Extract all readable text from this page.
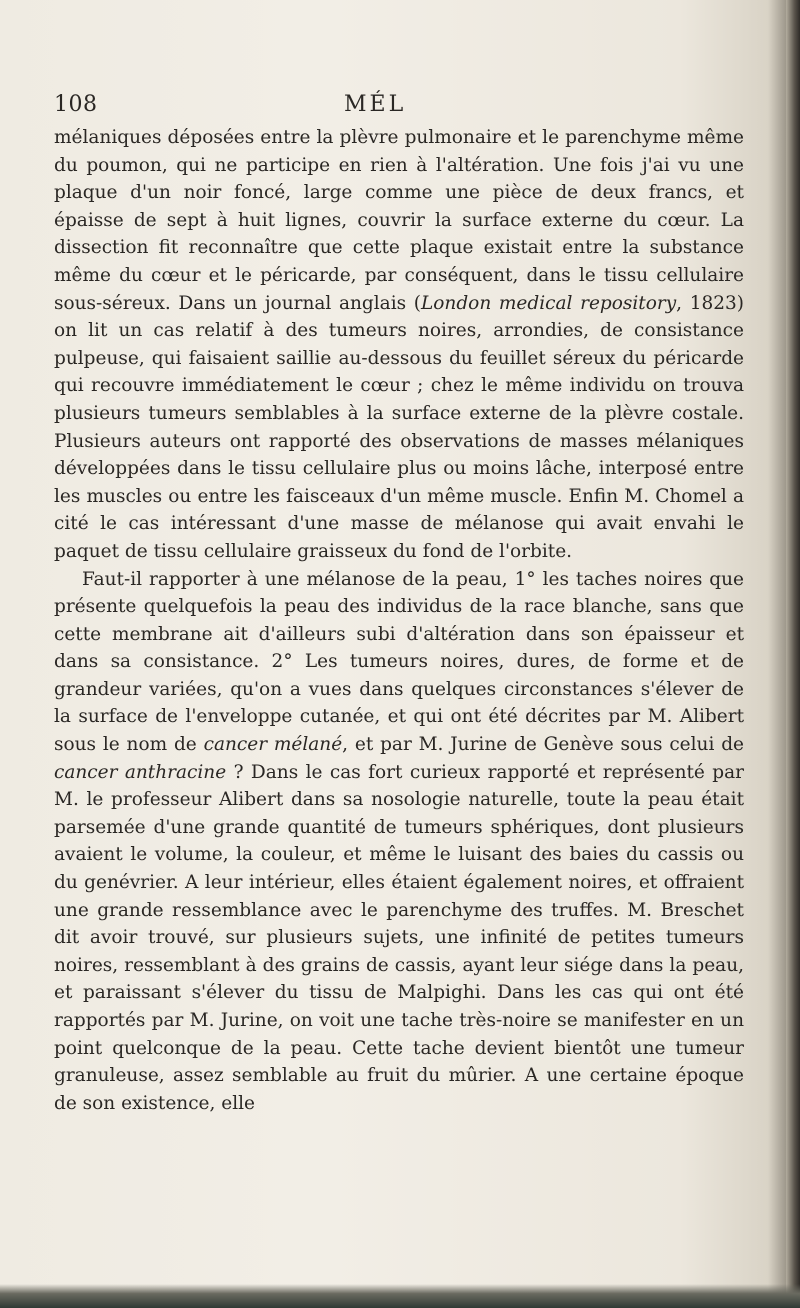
108	MÉL

mélaniques déposées entre la plèvre pulmonaire et le parenchyme même du poumon, qui ne participe en rien à l'altération. Une fois j'ai vu une plaque d'un noir foncé, large comme une pièce de deux francs, et épaisse de sept à huit lignes, couvrir la surface externe du cœur. La dissection fit reconnaître que cette plaque existait entre la substance même du cœur et le péricarde, par conséquent, dans le tissu cellulaire sous-séreux. Dans un journal anglais (London medical repository, 1823) on lit un cas relatif à des tumeurs noires, arrondies, de consistance pulpeuse, qui faisaient saillie au-dessous du feuillet séreux du péricarde qui recouvre immédiatement le cœur ; chez le même individu on trouva plusieurs tumeurs semblables à la surface externe de la plèvre costale. Plusieurs auteurs ont rapporté des observations de masses mélaniques développées dans le tissu cellulaire plus ou moins lâche, interposé entre les muscles ou entre les faisceaux d'un même muscle. Enfin M. Chomel a cité le cas intéressant d'une masse de mélanose qui avait envahi le paquet de tissu cellulaire graisseux du fond de l'orbite.

Faut-il rapporter à une mélanose de la peau, 1° les taches noires que présente quelquefois la peau des individus de la race blanche, sans que cette membrane ait d'ailleurs subi d'altération dans son épaisseur et dans sa consistance. 2° Les tumeurs noires, dures, de forme et de grandeur variées, qu'on a vues dans quelques circonstances s'élever de la surface de l'enveloppe cutanée, et qui ont été décrites par M. Alibert sous le nom de cancer mélané, et par M. Jurine de Genève sous celui de cancer anthracine ? Dans le cas fort curieux rapporté et représenté par M. le professeur Alibert dans sa nosologie naturelle, toute la peau était parsemée d'une grande quantité de tumeurs sphériques, dont plusieurs avaient le volume, la couleur, et même le luisant des baies du cassis ou du genévrier. A leur intérieur, elles étaient également noires, et offraient une grande ressemblance avec le parenchyme des truffes. M. Breschet dit avoir trouvé, sur plusieurs sujets, une infinité de petites tumeurs noires, ressemblant à des grains de cassis, ayant leur siége dans la peau, et paraissant s'élever du tissu de Malpighi. Dans les cas qui ont été rapportés par M. Jurine, on voit une tache très-noire se manifester en un point quelconque de la peau. Cette tache devient bientôt une tumeur granuleuse, assez semblable au fruit du mûrier. A une certaine époque de son existence, elle
